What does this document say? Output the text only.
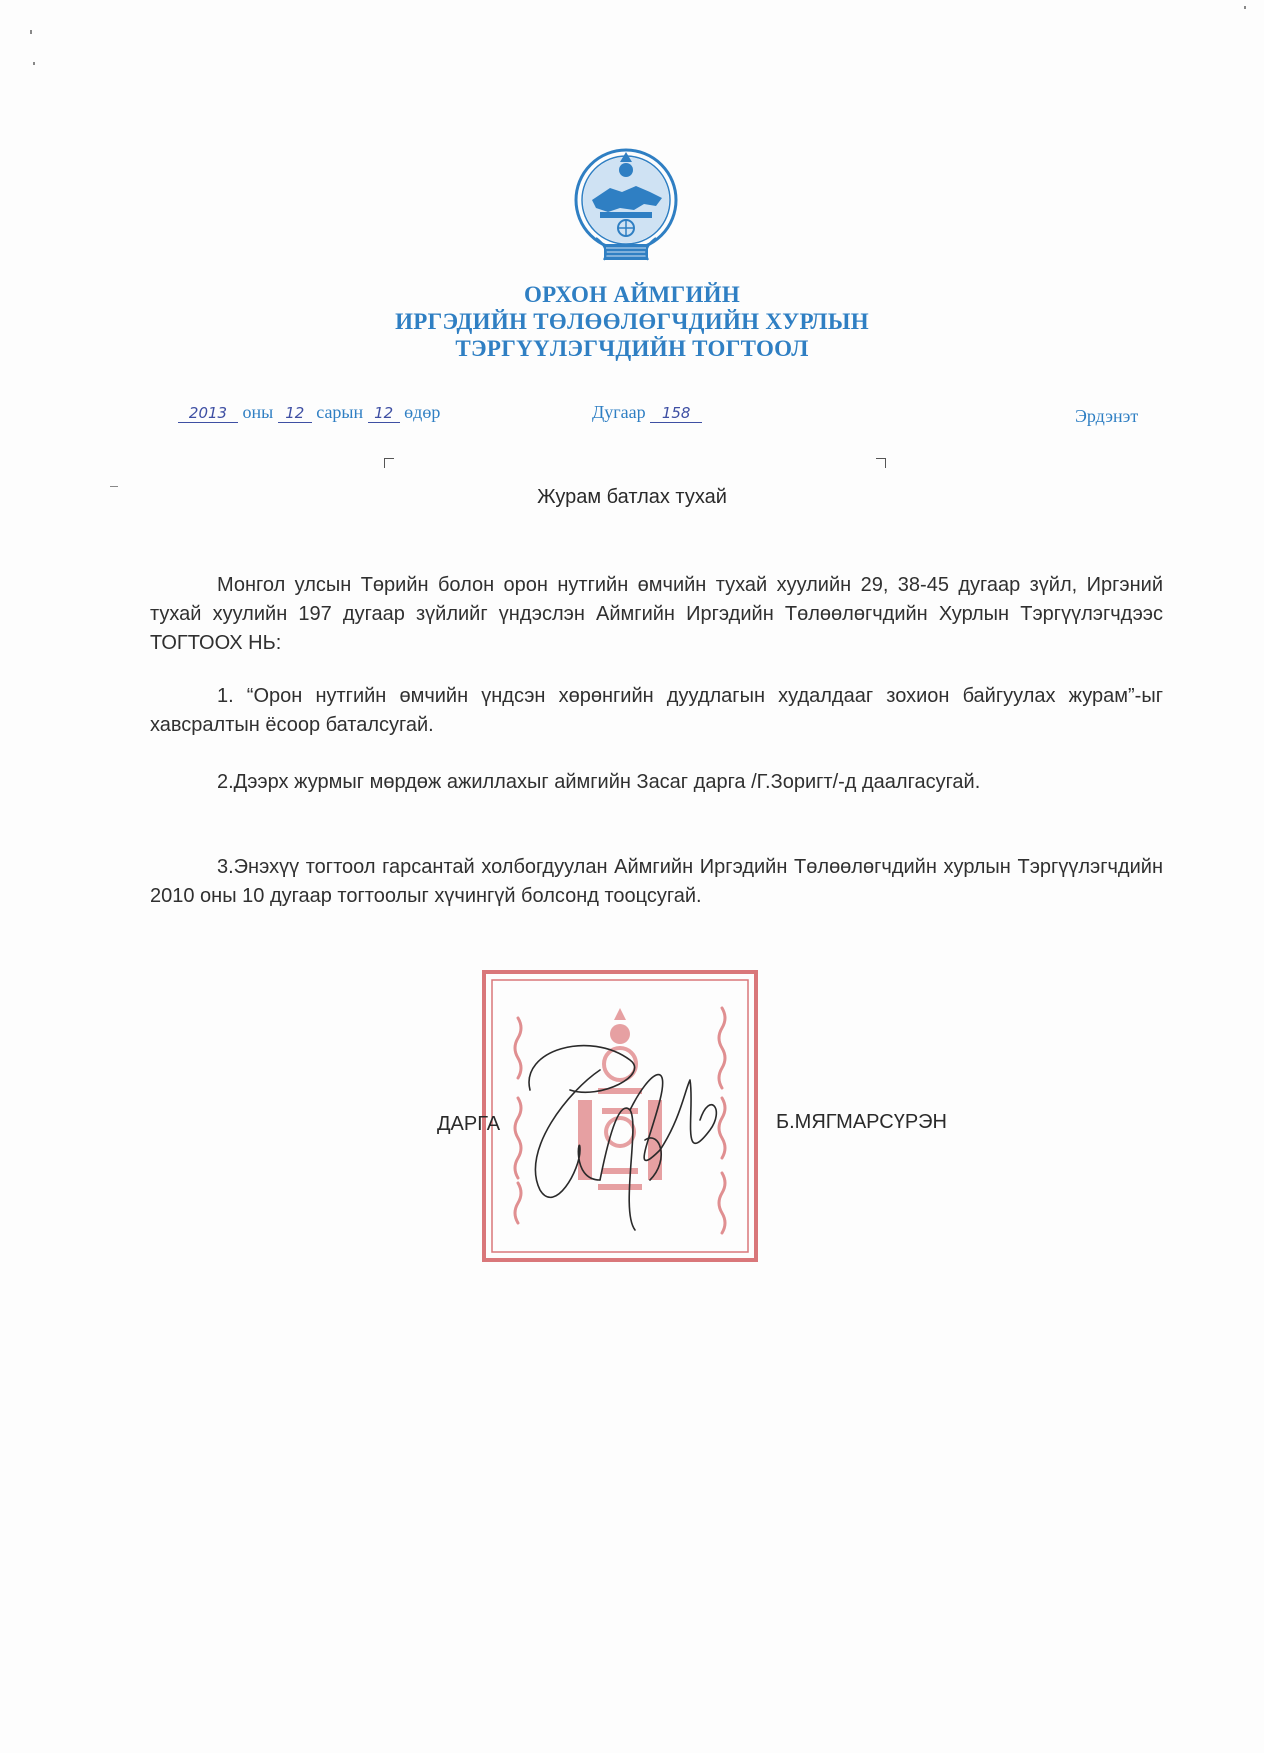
ОРХОН АЙМГИЙН
ИРГЭДИЙН ТӨЛӨӨЛӨГЧДИЙН ХУРЛЫН
ТЭРГҮҮЛЭГЧДИЙН ТОГТООЛ
2013 оны 12 сарын 12 өдөр	Дугаар 158	Эрдэнэт
Журам батлах тухай
Монгол улсын Төрийн болон орон нутгийн өмчийн тухай хуулийн 29, 38-45 дугаар зүйл, Иргэний тухай хуулийн 197 дугаар зүйлийг үндэслэн Аймгийн Иргэдийн Төлөөлөгчдийн Хурлын Тэргүүлэгчдээс ТОГТООХ НЬ:
1. “Орон нутгийн өмчийн үндсэн хөрөнгийн дуудлагын худалдааг зохион байгуулах журам”-ыг хавсралтын ёсоор баталсугай.
2.Дээрх журмыг мөрдөж ажиллахыг аймгийн Засаг дарга /Г.Зоригт/-д даалгасугай.
3.Энэхүү тогтоол гарсантай холбогдуулан Аймгийн Иргэдийн Төлөөлөгчдийн хурлын Тэргүүлэгчдийн 2010 оны 10 дугаар тогтоолыг хүчингүй болсонд тооцсугай.
ДАРГА	Б.МЯГМАРСҮРЭН
